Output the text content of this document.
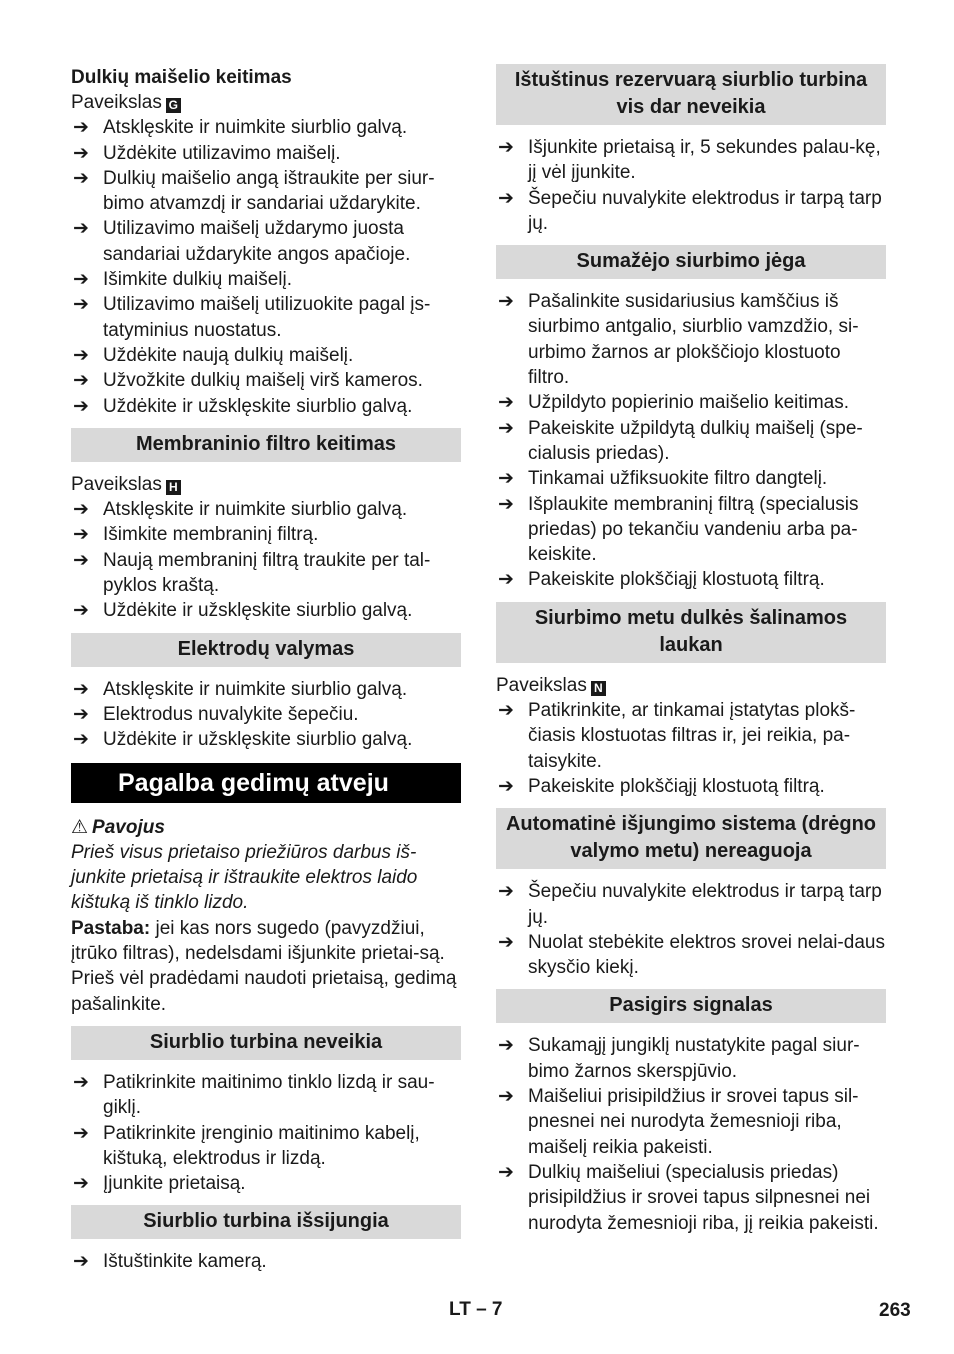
Dulkių maišelio keitimas
Paveikslas G
➔ Atsklęskite ir nuimkite siurblio galvą.
➔ Uždėkite utilizavimo maišelį.
➔ Dulkių maišelio angą ištraukite per siur-bimo atvamzdį ir sandariai uždarykite.
➔ Utilizavimo maišelį uždarymo juosta sandariai uždarykite angos apačioje.
➔ Išimkite dulkių maišelį.
➔ Utilizavimo maišelį utilizuokite pagal įs-tatyminius nuostatus.
➔ Uždėkite naują dulkių maišelį.
➔ Užvožkite dulkių maišelį virš kameros.
➔ Uždėkite ir užsklęskite siurblio galvą.
Membraninio filtro keitimas
Paveikslas H
➔ Atsklęskite ir nuimkite siurblio galvą.
➔ Išimkite membraninį filtrą.
➔ Naują membraninį filtrą traukite per tal-pyklos kraštą.
➔ Uždėkite ir užsklęskite siurblio galvą.
Elektrodų valymas
➔ Atsklęskite ir nuimkite siurblio galvą.
➔ Elektrodus nuvalykite šepečiu.
➔ Uždėkite ir užsklęskite siurblio galvą.
Pagalba gedimų atveju
⚠ Pavojus
Prieš visus prietaiso priežiūros darbus iš-junkite prietaisą ir ištraukite elektros laido kištuką iš tinklo lizdo.
Pastaba: jei kas nors sugedo (pavyzdžiui, įtrūko filtras), nedelsdami išjunkite prietai-są. Prieš vėl pradėdami naudoti prietaisą, gedimą pašalinkite.
Siurblio turbina neveikia
➔ Patikrinkite maitinimo tinklo lizdą ir sau-giklį.
➔ Patikrinkite įrenginio maitinimo kabelį, kištuką, elektrodus ir lizdą.
➔ Įjunkite prietaisą.
Siurblio turbina išsijungia
➔ Ištuštinkite kamerą.
Ištuštinus rezervuarą siurblio turbina vis dar neveikia
➔ Išjunkite prietaisą ir, 5 sekundes palau-kę, jį vėl įjunkite.
➔ Šepečiu nuvalykite elektrodus ir tarpą tarp jų.
Sumažėjo siurbimo jėga
➔ Pašalinkite susidariusius kamščius iš siurbimo antgalio, siurblio vamzdžio, si-urbimo žarnos ar plokščiojo klostuoto filtro.
➔ Užpildyto popierinio maišelio keitimas.
➔ Pakeiskite užpildytą dulkių maišelį (spe-cialusis priedas).
➔ Tinkamai užfiksuokite filtro dangtelį.
➔ Išplaukite membraninį filtrą (specialusis priedas) po tekančiu vandeniu arba pa-keiskite.
➔ Pakeiskite plokščiąjį klostuotą filtrą.
Siurbimo metu dulkės šalinamos laukan
Paveikslas N
➔ Patikrinkite, ar tinkamai įstatytas plokš-čiasis klostuotas filtras ir, jei reikia, pa-taisykite.
➔ Pakeiskite plokščiąjį klostuotą filtrą.
Automatinė išjungimo sistema (drėgno valymo metu) nereaguoja
➔ Šepečiu nuvalykite elektrodus ir tarpą tarp jų.
➔ Nuolat stebėkite elektros srovei nelai-daus skysčio kiekį.
Pasigirs signalas
➔ Sukamąjį jungiklį nustatykite pagal siur-bimo žarnos skerspjūvio.
➔ Maišeliui prisipildžius ir srovei tapus sil-pnesnei nei nurodyta žemesnioji riba, maišelį reikia pakeisti.
➔ Dulkių maišeliui (specialusis priedas) prisipildžius ir srovei tapus silpnesnei nei nurodyta žemesnioji riba, jį reikia pakeisti.
LT – 7	263
